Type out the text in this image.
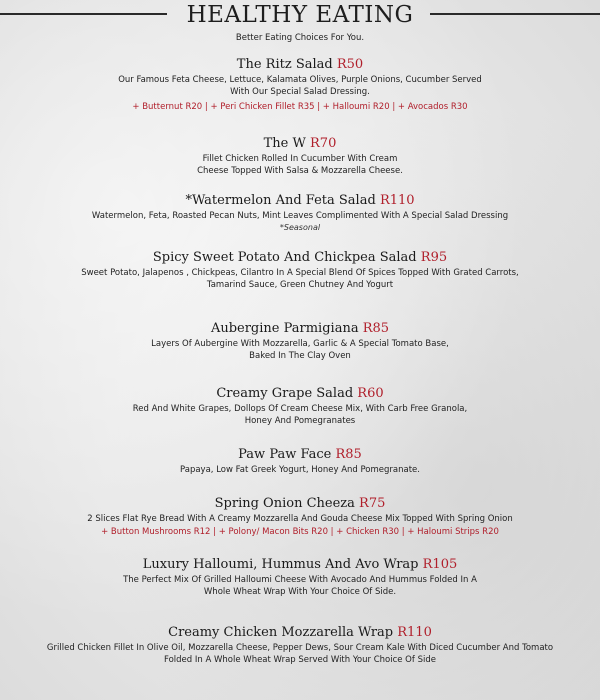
HEALTHY EATING
Better Eating Choices For You.
The Ritz Salad R50
Our Famous Feta Cheese, Lettuce, Kalamata Olives, Purple Onions, Cucumber Served
With Our Special Salad Dressing.
+ Butternut R20 | + Peri Chicken Fillet R35 | + Halloumi R20 | + Avocados R30
The W R70
Fillet Chicken Rolled In Cucumber With Cream
Cheese Topped With Salsa & Mozzarella Cheese.
*Watermelon And Feta Salad R110
Watermelon, Feta, Roasted Pecan Nuts, Mint Leaves Complimented With A Special Salad Dressing
*Seasonal
Spicy Sweet Potato And Chickpea Salad R95
Sweet Potato, Jalapenos , Chickpeas, Cilantro In A Special Blend Of Spices Topped With Grated Carrots,
Tamarind Sauce, Green Chutney And Yogurt
Aubergine Parmigiana R85
Layers Of Aubergine With Mozzarella, Garlic & A Special Tomato Base,
Baked In The Clay Oven
Creamy Grape Salad R60
Red And White Grapes, Dollops Of Cream Cheese Mix, With Carb Free Granola,
Honey And Pomegranates
Paw Paw Face R85
Papaya, Low Fat Greek Yogurt, Honey And Pomegranate.
Spring Onion Cheeza R75
2 Slices Flat Rye Bread With A Creamy Mozzarella And Gouda Cheese Mix Topped With Spring Onion
+ Button Mushrooms R12 | + Polony/ Macon Bits R20 | + Chicken R30 | + Haloumi Strips R20
Luxury Halloumi, Hummus And Avo Wrap R105
The Perfect Mix Of Grilled Halloumi Cheese With Avocado And Hummus Folded In A
Whole Wheat Wrap With Your Choice Of Side.
Creamy Chicken Mozzarella Wrap R110
Grilled Chicken Fillet In Olive Oil, Mozzarella Cheese, Pepper Dews, Sour Cream Kale With Diced Cucumber And Tomato
Folded In A Whole Wheat Wrap Served With Your Choice Of Side
